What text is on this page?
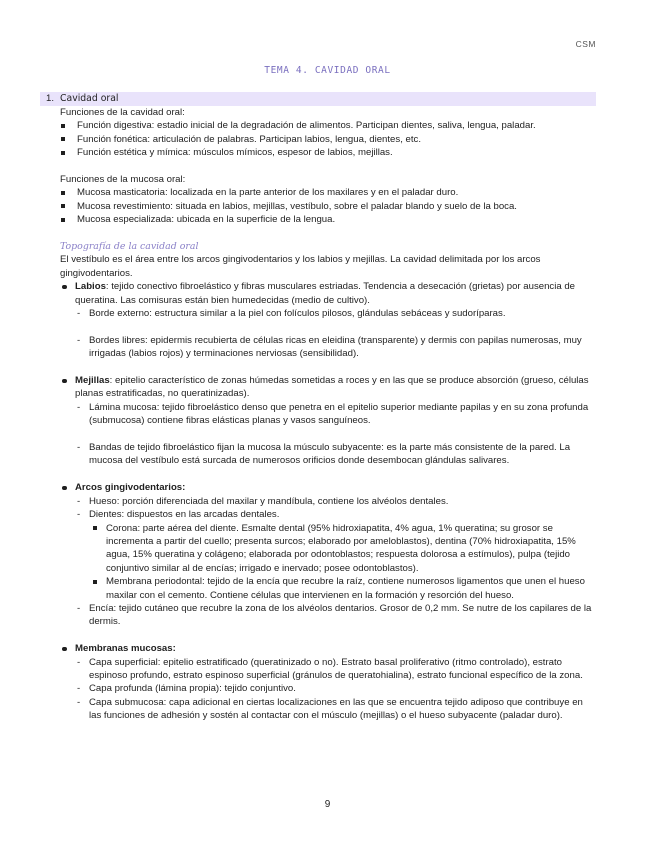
CSM
TEMA 4. CAVIDAD ORAL
1. Cavidad oral

Funciones de la cavidad oral:

Función digestiva: estadio inicial de la degradación de alimentos. Participan dientes, saliva, lengua, paladar.
Función fonética: articulación de palabras. Participan labios, lengua, dientes, etc.
Función estética y mímica: músculos mímicos, espesor de labios, mejillas.

Funciones de la mucosa oral:

Mucosa masticatoria: localizada en la parte anterior de los maxilares y en el paladar duro.
Mucosa revestimiento: situada en labios, mejillas, vestíbulo, sobre el paladar blando y suelo de la boca.
Mucosa especializada: ubicada en la superficie de la lengua.

Topografía de la cavidad oral

El vestíbulo es el área entre los arcos gingivodentarios y los labios y mejillas. La cavidad delimitada por los arcos gingivodentarios.

Labios: tejido conectivo fibroelástico y fibras musculares estriadas. Tendencia a desecación (grietas) por ausencia de queratina. Las comisuras están bien humedecidas (medio de cultivo).
- Borde externo: estructura similar a la piel con folículos pilosos, glándulas sebáceas y sudoríparas.
- Bordes libres: epidermis recubierta de células ricas en eleidina (transparente) y dermis con papilas numerosas, muy irrigadas (labios rojos) y terminaciones nerviosas (sensibilidad).
Mejillas: epitelio característico de zonas húmedas sometidas a roces y en las que se produce absorción (grueso, células planas estratificadas, no queratinizadas).
- Lámina mucosa: tejido fibroelástico denso que penetra en el epitelio superior mediante papilas y en su zona profunda (submucosa) contiene fibras elásticas planas y vasos sanguíneos.
- Bandas de tejido fibroelástico fijan la mucosa la músculo subyacente: es la parte más consistente de la pared. La mucosa del vestíbulo está surcada de numerosos orificios donde desembocan glándulas salivares.
Arcos gingivodentarios:
- Hueso: porción diferenciada del maxilar y mandíbula, contiene los alvéolos dentales.
- Dientes: dispuestos en las arcadas dentales.
Corona: parte aérea del diente. Esmalte dental (95% hidroxiapatita, 4% agua, 1% queratina; su grosor se incrementa a partir del cuello; presenta surcos; elaborado por ameloblastos), dentina (70% hidroxiapatita, 15% agua, 15% queratina y colágeno; elaborada por odontoblastos; respuesta dolorosa a estímulos), pulpa (tejido conjuntivo similar al de encías; irrigado e inervado; posee odontoblastos).
Membrana periodontal: tejido de la encía que recubre la raíz, contiene numerosos ligamentos que unen el hueso maxilar con el cemento. Contiene células que intervienen en la formación y resorción del hueso.
- Encía: tejido cutáneo que recubre la zona de los alvéolos dentarios. Grosor de 0,2 mm. Se nutre de los capilares de la dermis.
Membranas mucosas:
- Capa superficial: epitelio estratificado (queratinizado o no). Estrato basal proliferativo (ritmo controlado), estrato espinoso profundo, estrato espinoso superficial (gránulos de queratohialina), estrato funcional específico de la zona.
- Capa profunda (lámina propia): tejido conjuntivo.
- Capa submucosa: capa adicional en ciertas localizaciones en las que se encuentra tejido adiposo que contribuye en las funciones de adhesión y sostén al contactar con el músculo (mejillas) o el hueso subyacente (paladar duro).
9
